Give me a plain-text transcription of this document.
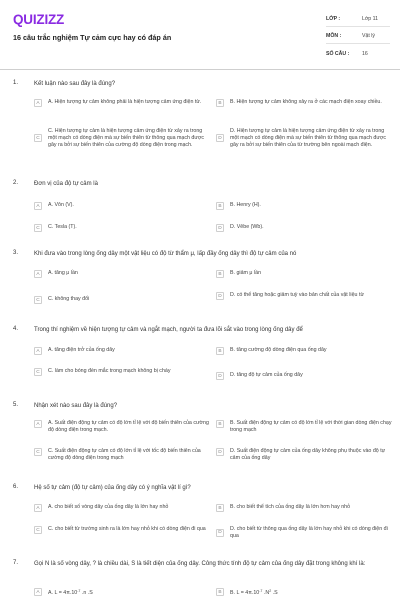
QUIZIZZ
16 câu trắc nghiệm Tự cảm cực hay có đáp án
LỚP :	Lớp 11
MÔN :	Vật lý
SỐ CÂU :	16
1.	Kết luận nào sau đây là đúng?
A	A. Hiện tượng tự cảm không phải là hiện tượng cảm ứng điện từ.	B	B. Hiện tượng tự cảm không xảy ra ở các mạch điện xoay chiều.
C
C. Hiện tượng tự cảm là hiện tượng cảm ứng điện từ xảy ra trong một mạch có dòng điện mà sự biến thiên từ thông qua mạch được gây ra bởi sự biến thiên của cường độ dòng điện trong mạch.
D
D. Hiện tượng tự cảm là hiện tượng cảm ứng điện từ xảy ra trong một mạch có dòng điện mà sự biến thiên từ thông qua mạch được gây ra bởi sự biến thiên của từ trường bên ngoài mạch điện.
2.	Đơn vị của độ tự cảm là
A	A. Vôn (V).	B	B. Henry (H).
C	C. Tesla (T).	D	D. Vêbe (Wb).
3.	Khi đưa vào trong lòng ống dây một vật liệu có độ từ thẩm μ, lấp đầy ống dây thì độ tự cảm của nó
A	A. tăng μ lần	B	B. giảm μ lần
C	C. không thay đổi	D	D. có thể tăng hoặc giảm tuỳ vào bản chất của vật liệu từ
4.	Trong thí nghiệm về hiện tượng tự cảm và ngắt mạch, người ta đưa lõi sắt vào trong lòng ống dây để
A	A. tăng điện trở của ống dây	B	B. tăng cường độ dòng điện qua ống dây
C	C. làm cho bóng đèn mắc trong mạch không bị cháy
D	D. tăng độ tự cảm của ống dây
5.	Nhận xét nào sau đây là đúng?
A	A. Suất điện động tự cảm có độ lớn tỉ lệ với độ biến thiên của cường độ dòng điện trong mạch.
B	B. Suất điện động tự cảm có độ lớn tỉ lệ với thời gian dòng điện chạy trong mạch
C	C. Suất điện động tự cảm có độ lớn tỉ lệ với tốc độ biến thiên của cường độ dòng điện trong mạch
D	D. Suất điện động tự cảm của ống dây không phụ thuộc vào độ tự cảm của ống dây
6.	Hệ số tự cảm (độ tự cảm) của ống dây có ý nghĩa vật lí gì?
A	A. cho biết số vòng dây của ống dây là lớn hay nhỏ	B	B. cho biết thể tích của ống dây là lớn hơn hay nhỏ
C	C. cho biết từ trường sinh ra là lớn hay nhỏ khi có dòng điện đi qua
D
D. cho biết từ thông qua ống dây là lớn hay nhỏ khi có dòng điện đi qua
7.	Gọi N là số vòng dây, ? là chiều dài, S là tiết diện của ống dây. Công thức tính độ tự cảm của ống dây đặt trong không khí là:
A	A. $L = 4\pi.10^{-7}$ .n .S	B	B. $L = 4\pi.10^{-7}$ $.N^2$ .S
